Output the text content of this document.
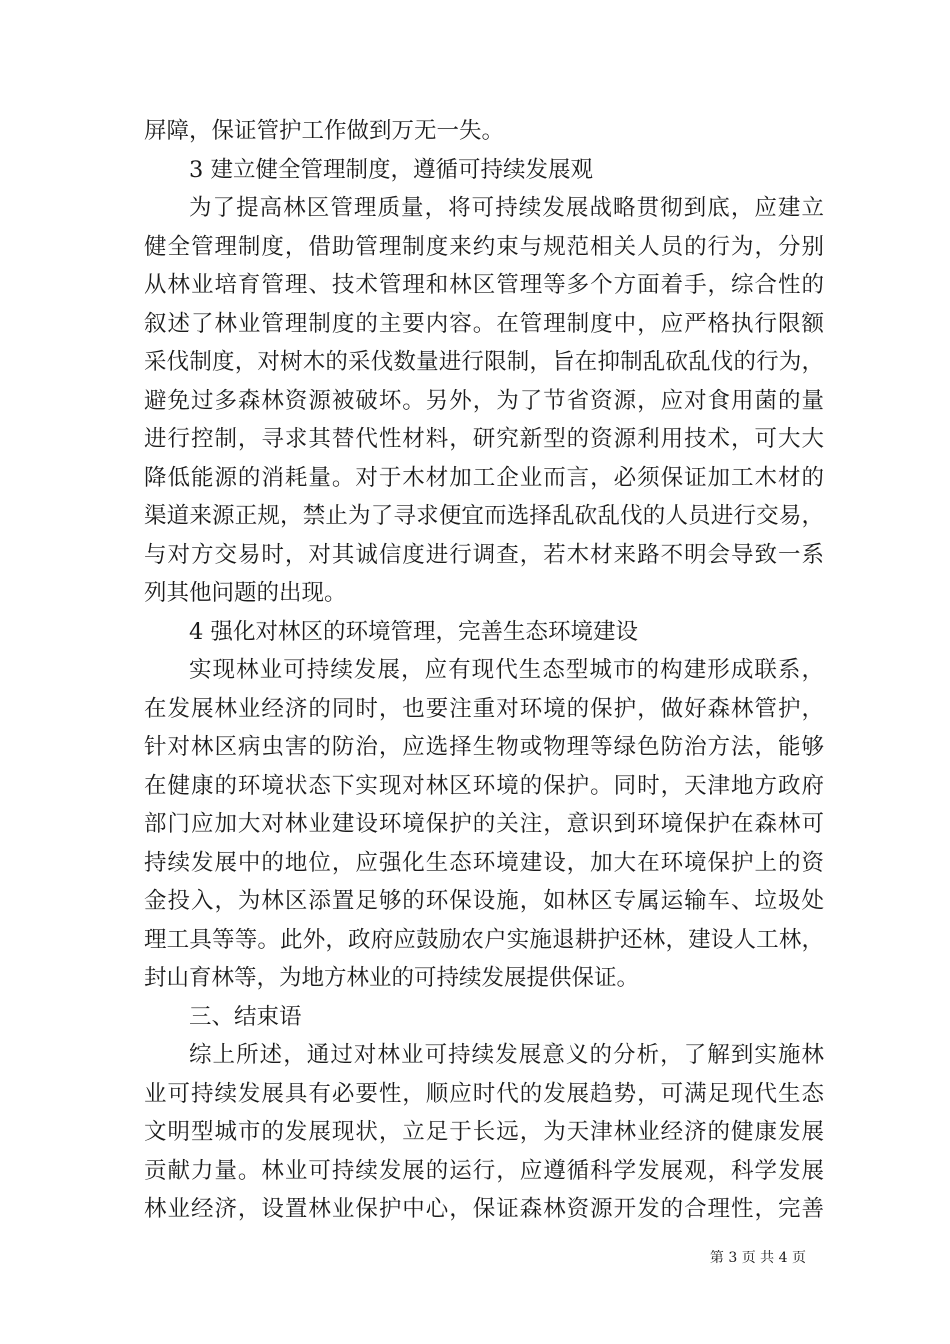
屏障，保证管护工作做到万无一失。
3 建立健全管理制度，遵循可持续发展观
为了提高林区管理质量，将可持续发展战略贯彻到底，应建立
健全管理制度，借助管理制度来约束与规范相关人员的行为，分别
从林业培育管理、技术管理和林区管理等多个方面着手，综合性的
叙述了林业管理制度的主要内容。在管理制度中，应严格执行限额
采伐制度，对树木的采伐数量进行限制，旨在抑制乱砍乱伐的行为，
避免过多森林资源被破坏。另外，为了节省资源，应对食用菌的量
进行控制，寻求其替代性材料，研究新型的资源利用技术，可大大
降低能源的消耗量。对于木材加工企业而言，必须保证加工木材的
渠道来源正规，禁止为了寻求便宜而选择乱砍乱伐的人员进行交易，
与对方交易时，对其诚信度进行调查，若木材来路不明会导致一系
列其他问题的出现。
4 强化对林区的环境管理，完善生态环境建设
实现林业可持续发展，应有现代生态型城市的构建形成联系，
在发展林业经济的同时，也要注重对环境的保护，做好森林管护，
针对林区病虫害的防治，应选择生物或物理等绿色防治方法，能够
在健康的环境状态下实现对林区环境的保护。同时，天津地方政府
部门应加大对林业建设环境保护的关注，意识到环境保护在森林可
持续发展中的地位，应强化生态环境建设，加大在环境保护上的资
金投入，为林区添置足够的环保设施，如林区专属运输车、垃圾处
理工具等等。此外，政府应鼓励农户实施退耕护还林，建设人工林，
封山育林等，为地方林业的可持续发展提供保证。
三、结束语
综上所述，通过对林业可持续发展意义的分析，了解到实施林
业可持续发展具有必要性，顺应时代的发展趋势，可满足现代生态
文明型城市的发展现状，立足于长远，为天津林业经济的健康发展
贡献力量。林业可持续发展的运行，应遵循科学发展观，科学发展
林业经济，设置林业保护中心，保证森林资源开发的合理性，完善
第 3 页 共 4 页
